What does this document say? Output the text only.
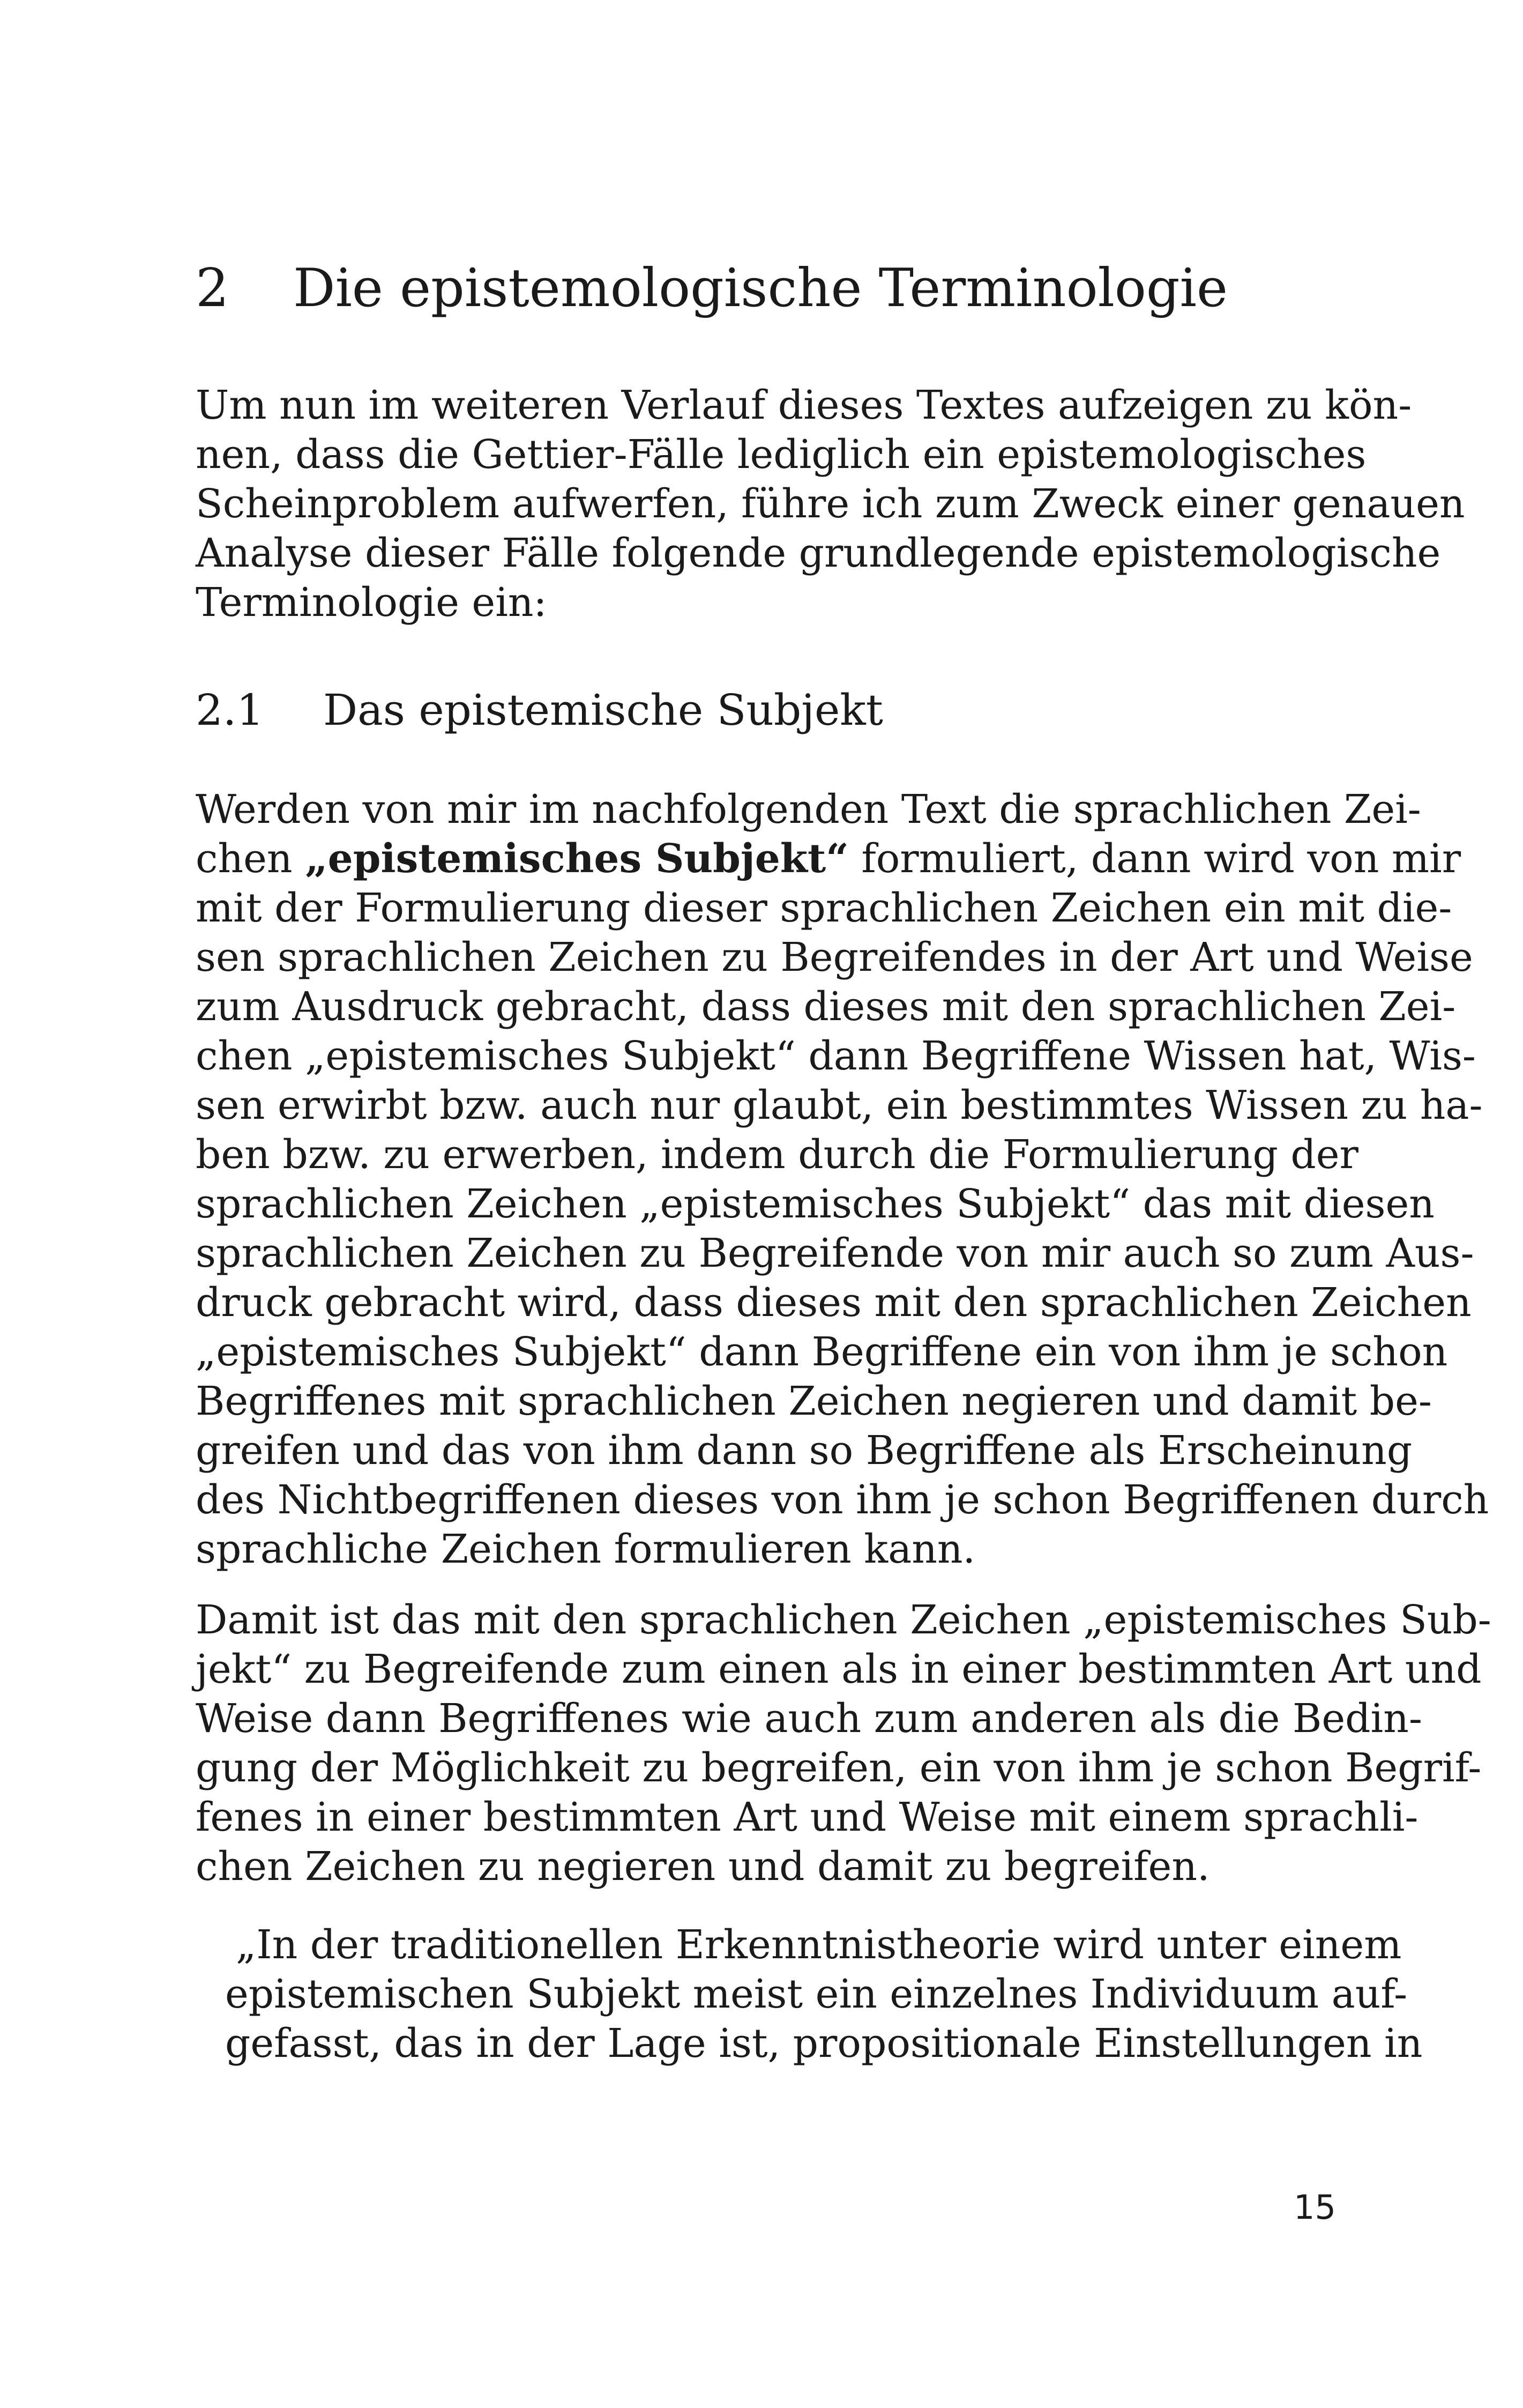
2 Die epistemologische Terminologie
Um nun im weiteren Verlauf dieses Textes aufzeigen zu kön-
nen, dass die Gettier-Fälle lediglich ein epistemologisches
Scheinproblem aufwerfen, führe ich zum Zweck einer genauen
Analyse dieser Fälle folgende grundlegende epistemologische
Terminologie ein:
2.1 Das epistemische Subjekt
Werden von mir im nachfolgenden Text die sprachlichen Zei-
chen „epistemisches Subjekt“ formuliert, dann wird von mir
mit der Formulierung dieser sprachlichen Zeichen ein mit die-
sen sprachlichen Zeichen zu Begreifendes in der Art und Weise
zum Ausdruck gebracht, dass dieses mit den sprachlichen Zei-
chen „epistemisches Subjekt“ dann Begriffene Wissen hat, Wis-
sen erwirbt bzw. auch nur glaubt, ein bestimmtes Wissen zu ha-
ben bzw. zu erwerben, indem durch die Formulierung der
sprachlichen Zeichen „epistemisches Subjekt“ das mit diesen
sprachlichen Zeichen zu Begreifende von mir auch so zum Aus-
druck gebracht wird, dass dieses mit den sprachlichen Zeichen
„epistemisches Subjekt“ dann Begriffene ein von ihm je schon
Begriffenes mit sprachlichen Zeichen negieren und damit be-
greifen und das von ihm dann so Begriffene als Erscheinung
des Nichtbegriffenen dieses von ihm je schon Begriffenen durch
sprachliche Zeichen formulieren kann.
Damit ist das mit den sprachlichen Zeichen „epistemisches Sub-
jekt“ zu Begreifende zum einen als in einer bestimmten Art und
Weise dann Begriffenes wie auch zum anderen als die Bedin-
gung der Möglichkeit zu begreifen, ein von ihm je schon Begrif-
fenes in einer bestimmten Art und Weise mit einem sprachli-
chen Zeichen zu negieren und damit zu begreifen.
„In der traditionellen Erkenntnistheorie wird unter einem
epistemischen Subjekt meist ein einzelnes Individuum auf-
gefasst, das in der Lage ist, propositionale Einstellungen in
15
